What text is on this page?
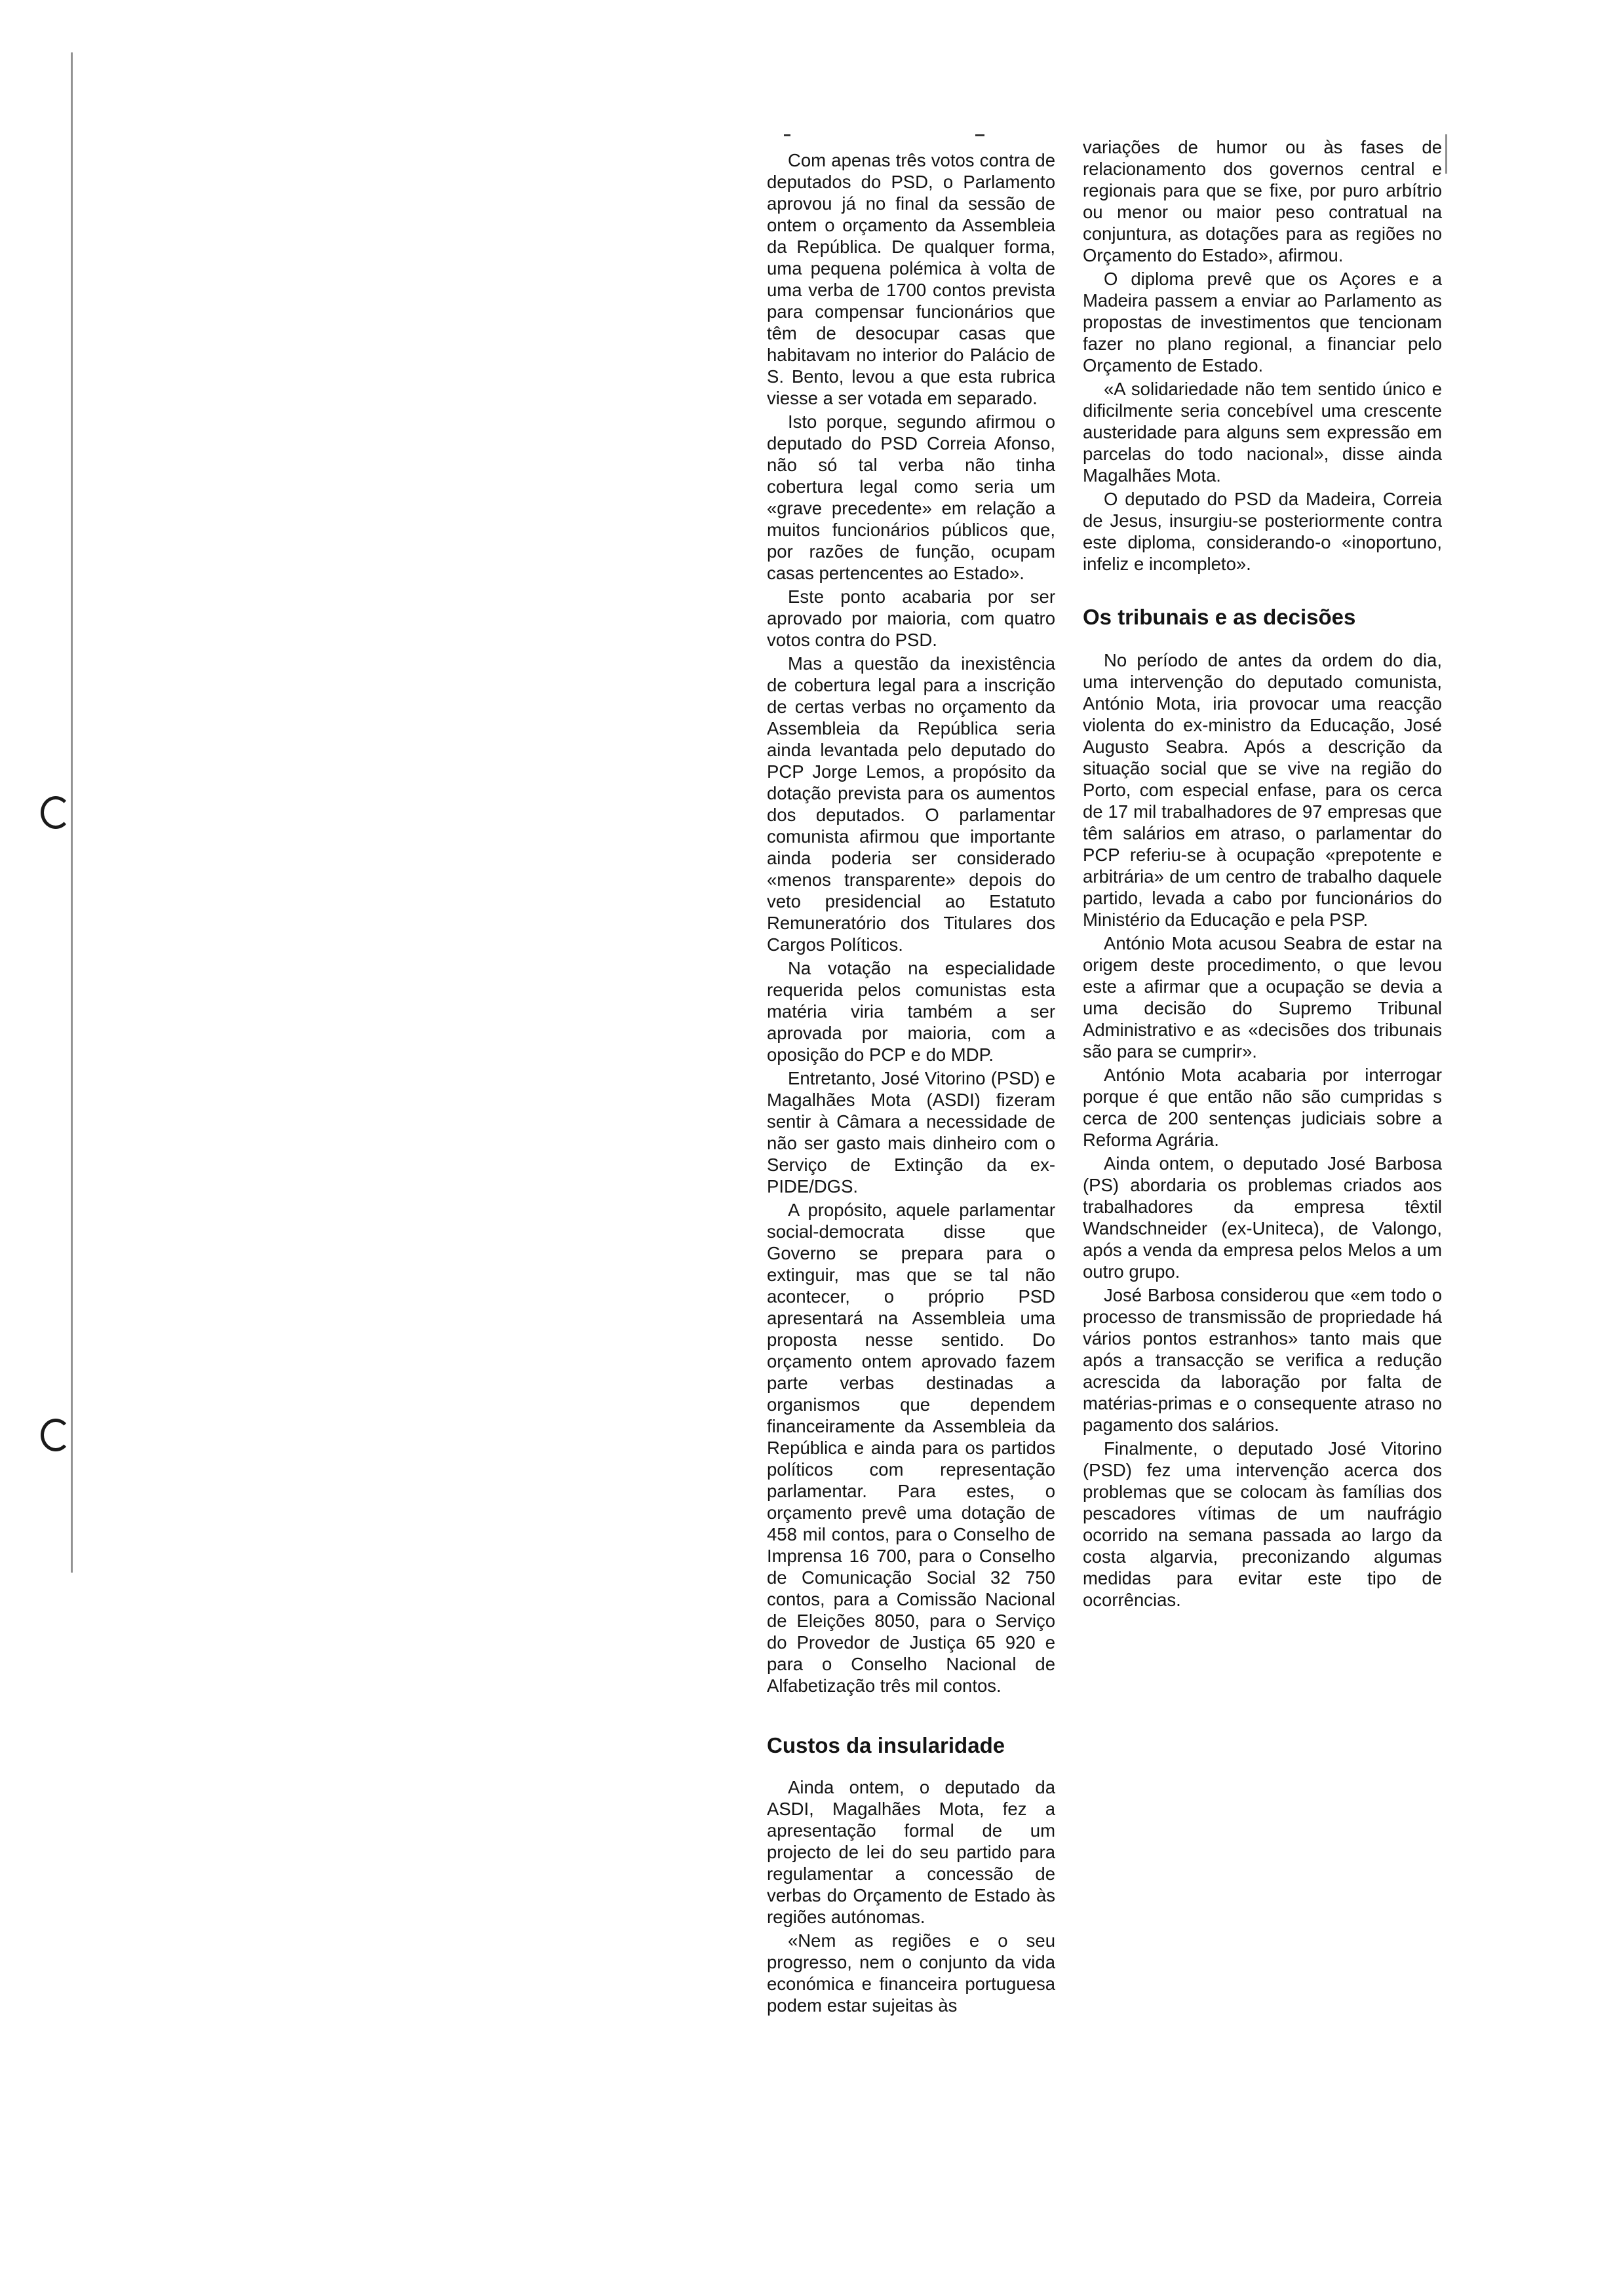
Com apenas três votos contra de deputados do PSD, o Parlamento aprovou já no final da sessão de ontem o orçamento da Assembleia da República. De qualquer forma, uma pequena polémica à volta de uma verba de 1700 contos prevista para compensar funcionários que têm de desocupar casas que habitavam no interior do Palácio de S. Bento, levou a que esta rubrica viesse a ser votada em separado.

Isto porque, segundo afirmou o deputado do PSD Correia Afonso, não só tal verba não tinha cobertura legal como seria um «grave precedente» em relação a muitos funcionários públicos que, por razões de função, ocupam casas pertencentes ao Estado».

Este ponto acabaria por ser aprovado por maioria, com quatro votos contra do PSD.

Mas a questão da inexistência de cobertura legal para a inscrição de certas verbas no orçamento da Assembleia da República seria ainda levantada pelo deputado do PCP Jorge Lemos, a propósito da dotação prevista para os aumentos dos deputados. O parlamentar comunista afirmou que importante ainda poderia ser considerado «menos transparente» depois do veto presidencial ao Estatuto Remuneratório dos Titulares dos Cargos Políticos.

Na votação na especialidade requerida pelos comunistas esta matéria viria também a ser aprovada por maioria, com a oposição do PCP e do MDP.

Entretanto, José Vitorino (PSD) e Magalhães Mota (ASDI) fizeram sentir à Câmara a necessidade de não ser gasto mais dinheiro com o Serviço de Extinção da ex-PIDE/DGS.

A propósito, aquele parlamentar social-democrata disse que Governo se prepara para o extinguir, mas que se tal não acontecer, o próprio PSD apresentará na Assembleia uma proposta nesse sentido. Do orçamento ontem aprovado fazem parte verbas destinadas a organismos que dependem financeiramente da Assembleia da República e ainda para os partidos políticos com representação parlamentar. Para estes, o orçamento prevê uma dotação de 458 mil contos, para o Conselho de Imprensa 16 700, para o Conselho de Comunicação Social 32 750 contos, para a Comissão Nacional de Eleições 8050, para o Serviço do Provedor de Justiça 65 920 e para o Conselho Nacional de Alfabetização três mil contos.

Custos da insularidade

Ainda ontem, o deputado da ASDI, Magalhães Mota, fez a apresentação formal de um projecto de lei do seu partido para regulamentar a concessão de verbas do Orçamento de Estado às regiões autónomas.

«Nem as regiões e o seu progresso, nem o conjunto da vida económica e financeira portuguesa podem estar sujeitas às

variações de humor ou às fases de relacionamento dos governos central e regionais para que se fixe, por puro arbítrio ou menor ou maior peso contratual na conjuntura, as dotações para as regiões no Orçamento do Estado», afirmou.

O diploma prevê que os Açores e a Madeira passem a enviar ao Parlamento as propostas de investimentos que tencionam fazer no plano regional, a financiar pelo Orçamento de Estado.

«A solidariedade não tem sentido único e dificilmente seria concebível uma crescente austeridade para alguns sem expressão em parcelas do todo nacional», disse ainda Magalhães Mota.

O deputado do PSD da Madeira, Correia de Jesus, insurgiu-se posteriormente contra este diploma, considerando-o «inoportuno, infeliz e incompleto».

Os tribunais e as decisões

No período de antes da ordem do dia, uma intervenção do deputado comunista, António Mota, iria provocar uma reacção violenta do ex-ministro da Educação, José Augusto Seabra. Após a descrição da situação social que se vive na região do Porto, com especial enfase, para os cerca de 17 mil trabalhadores de 97 empresas que têm salários em atraso, o parlamentar do PCP referiu-se à ocupação «prepotente e arbitrária» de um centro de trabalho daquele partido, levada a cabo por funcionários do Ministério da Educação e pela PSP.

António Mota acusou Seabra de estar na origem deste procedimento, o que levou este a afirmar que a ocupação se devia a uma decisão do Supremo Tribunal Administrativo e as «decisões dos tribunais são para se cumprir».

António Mota acabaria por interrogar porque é que então não são cumpridas s cerca de 200 sentenças judiciais sobre a Reforma Agrária.

Ainda ontem, o deputado José Barbosa (PS) abordaria os problemas criados aos trabalhadores da empresa têxtil Wandschneider (ex-Uniteca), de Valongo, após a venda da empresa pelos Melos a um outro grupo.

José Barbosa considerou que «em todo o processo de transmissão de propriedade há vários pontos estranhos» tanto mais que após a transacção se verifica a redução acrescida da laboração por falta de matérias-primas e o consequente atraso no pagamento dos salários.

Finalmente, o deputado José Vitorino (PSD) fez uma intervenção acerca dos problemas que se colocam às famílias dos pescadores vítimas de um naufrágio ocorrido na semana passada ao largo da costa algarvia, preconizando algumas medidas para evitar este tipo de ocorrências.
